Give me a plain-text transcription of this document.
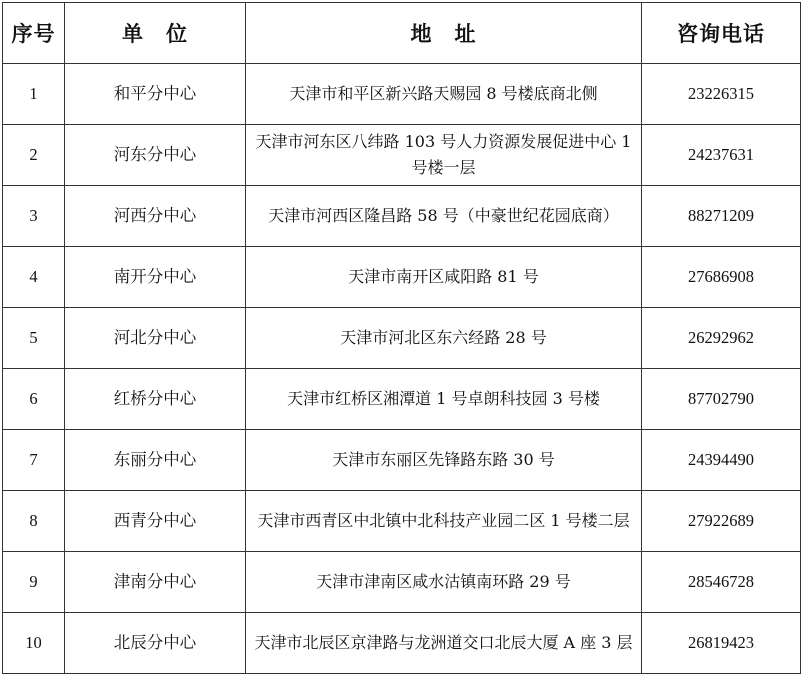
序号	单　位	地　址	咨询电话
1	和平分中心	天津市和平区新兴路天赐园 8 号楼底商北侧	23226315
2	河东分中心	天津市河东区八纬路 103 号人力资源发展促进中心 1 号楼一层	24237631
3	河西分中心	天津市河西区隆昌路 58 号（中豪世纪花园底商）	88271209
4	南开分中心	天津市南开区咸阳路 81 号	27686908
5	河北分中心	天津市河北区东六经路 28 号	26292962
6	红桥分中心	天津市红桥区湘潭道 1 号卓朗科技园 3 号楼	87702790
7	东丽分中心	天津市东丽区先锋路东路 30 号	24394490
8	西青分中心	天津市西青区中北镇中北科技产业园二区 1 号楼二层	27922689
9	津南分中心	天津市津南区咸水沽镇南环路 29 号	28546728
10	北辰分中心	天津市北辰区京津路与龙洲道交口北辰大厦 A 座 3 层	26819423
